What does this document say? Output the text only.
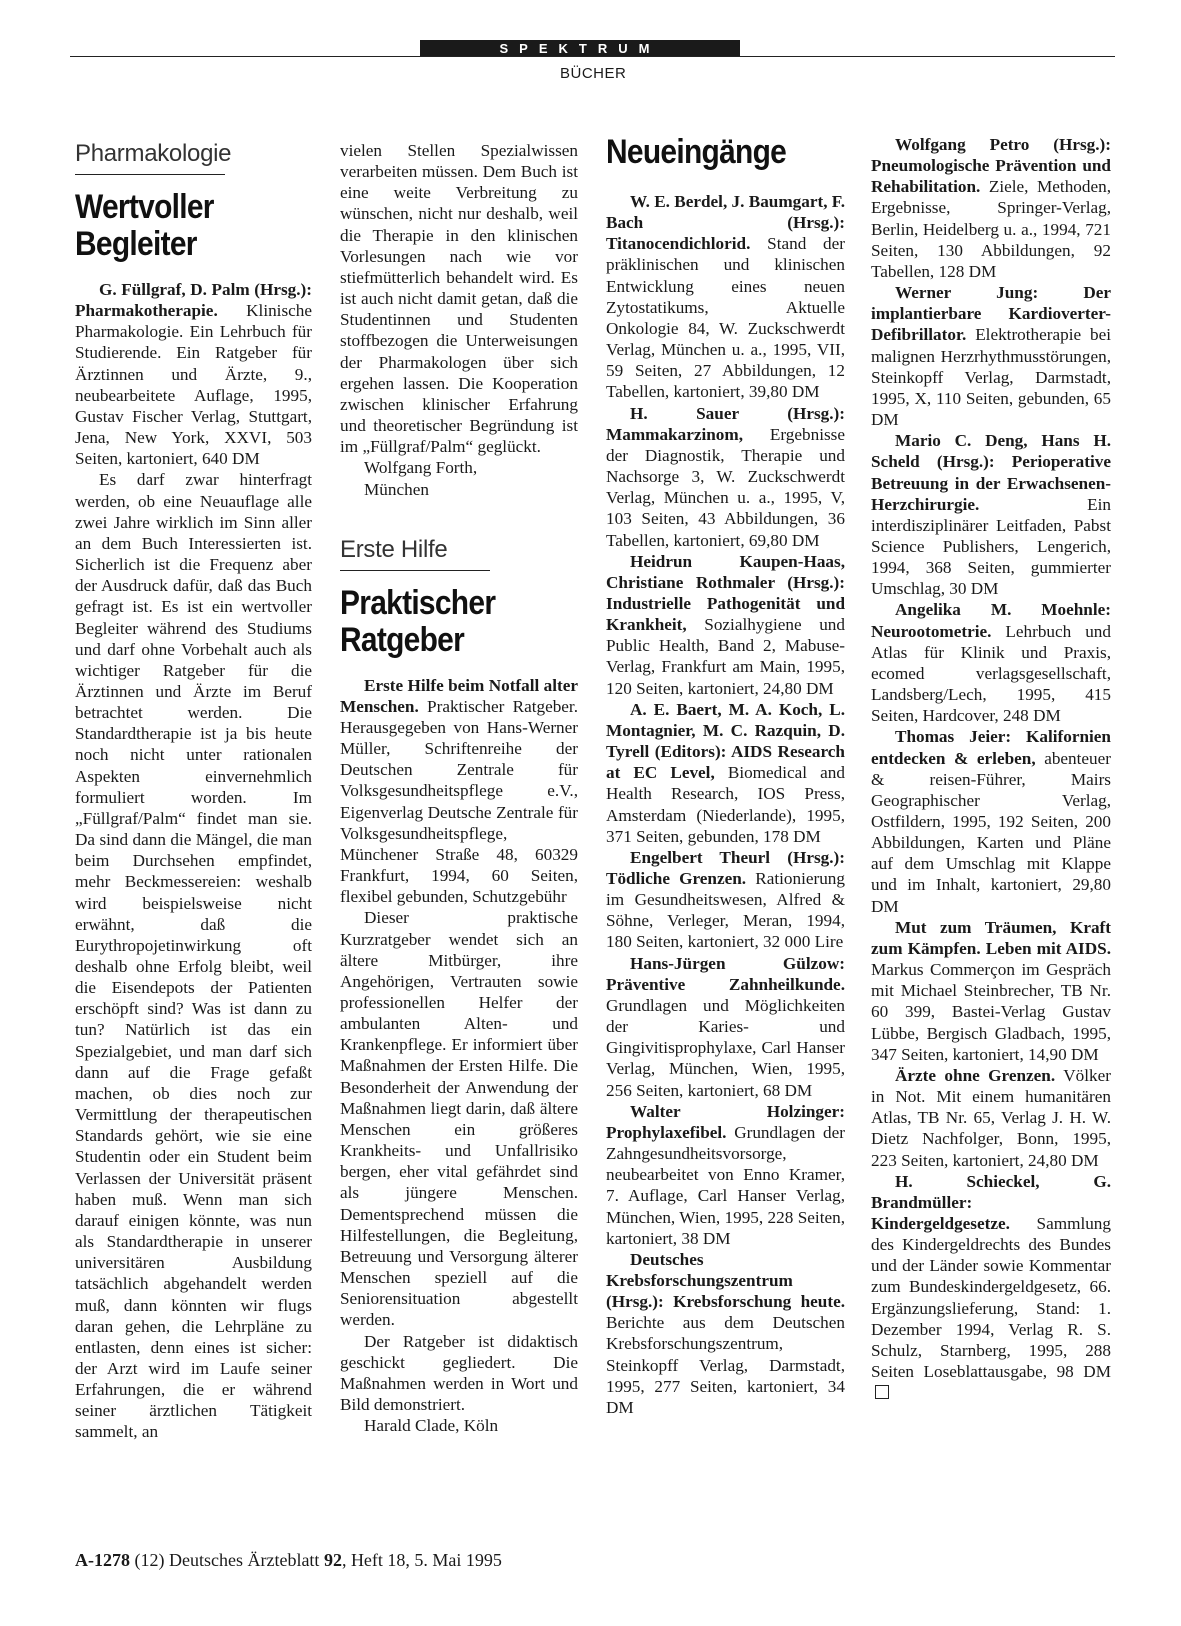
SPEKTRUM
BÜCHER
Pharmakologie
Wertvoller
Begleiter

G. Füllgraf, D. Palm (Hrsg.): Pharmakotherapie. Klinische Pharmakologie. Ein Lehrbuch für Studierende. Ein Ratgeber für Ärztinnen und Ärzte, 9., neubearbeitete Auflage, 1995, Gustav Fischer Verlag, Stuttgart, Jena, New York, XXVI, 503 Seiten, kartoniert, 640 DM

Es darf zwar hinterfragt werden, ob eine Neuauflage alle zwei Jahre wirklich im Sinn aller an dem Buch Interessierten ist. Sicherlich ist die Frequenz aber der Ausdruck dafür, daß das Buch gefragt ist. Es ist ein wertvoller Begleiter während des Studiums und darf ohne Vorbehalt auch als wichtiger Ratgeber für die Ärztinnen und Ärzte im Beruf betrachtet werden. Die Standardtherapie ist ja bis heute noch nicht unter rationalen Aspekten einvernehmlich formuliert worden. Im „Füllgraf/Palm“ findet man sie. Da sind dann die Mängel, die man beim Durchsehen empfindet, mehr Beckmessereien: weshalb wird beispielsweise nicht erwähnt, daß die Eurythropojetinwirkung oft deshalb ohne Erfolg bleibt, weil die Eisendepots der Patienten erschöpft sind? Was ist dann zu tun? Natürlich ist das ein Spezialgebiet, und man darf sich dann auf die Frage gefaßt machen, ob dies noch zur Vermittlung der therapeutischen Standards gehört, wie sie eine Studentin oder ein Student beim Verlassen der Universität präsent haben muß. Wenn man sich darauf einigen könnte, was nun als Standardtherapie in unserer universitären Ausbildung tatsächlich abgehandelt werden muß, dann könnten wir flugs daran gehen, die Lehrpläne zu entlasten, denn eines ist sicher: der Arzt wird im Laufe seiner Erfahrungen, die er während seiner ärztlichen Tätigkeit sammelt, an

vielen Stellen Spezialwissen verarbeiten müssen. Dem Buch ist eine weite Verbreitung zu wünschen, nicht nur deshalb, weil die Therapie in den klinischen Vorlesungen nach wie vor stiefmütterlich behandelt wird. Es ist auch nicht damit getan, daß die Studentinnen und Studenten stoffbezogen die Unterweisungen der Pharmakologen über sich ergehen lassen. Die Kooperation zwischen klinischer Erfahrung und theoretischer Begründung ist im „Füllgraf/Palm“ geglückt.

Wolfgang Forth,

München

Erste Hilfe
Praktischer
Ratgeber

Erste Hilfe beim Notfall alter Menschen. Praktischer Ratgeber. Herausgegeben von Hans-Werner Müller, Schriftenreihe der Deutschen Zentrale für Volksgesundheitspflege e.V., Eigenverlag Deutsche Zentrale für Volksgesundheitspflege, Münchener Straße 48, 60329 Frankfurt, 1994, 60 Seiten, flexibel gebunden, Schutzgebühr

Dieser praktische Kurzratgeber wendet sich an ältere Mitbürger, ihre Angehörigen, Vertrauten sowie professionellen Helfer der ambulanten Alten- und Krankenpflege. Er informiert über Maßnahmen der Ersten Hilfe. Die Besonderheit der Anwendung der Maßnahmen liegt darin, daß ältere Menschen ein größeres Krankheits- und Unfallrisiko bergen, eher vital gefährdet sind als jüngere Menschen. Dementsprechend müssen die Hilfestellungen, die Begleitung, Betreuung und Versorgung älterer Menschen speziell auf die Seniorensituation abgestellt werden.

Der Ratgeber ist didaktisch geschickt gegliedert. Die Maßnahmen werden in Wort und Bild demonstriert.

Harald Clade, Köln

Neueingänge

W. E. Berdel, J. Baumgart, F. Bach (Hrsg.): Titanocendichlorid. Stand der präklinischen und klinischen Entwicklung eines neuen Zytostatikums, Aktuelle Onkologie 84, W. Zuckschwerdt Verlag, München u. a., 1995, VII, 59 Seiten, 27 Abbildungen, 12 Tabellen, kartoniert, 39,80 DM

H. Sauer (Hrsg.): Mammakarzinom, Ergebnisse der Diagnostik, Therapie und Nachsorge 3, W. Zuckschwerdt Verlag, München u. a., 1995, V, 103 Seiten, 43 Abbildungen, 36 Tabellen, kartoniert, 69,80 DM

Heidrun Kaupen-Haas, Christiane Rothmaler (Hrsg.): Industrielle Pathogenität und Krankheit, Sozialhygiene und Public Health, Band 2, Mabuse-Verlag, Frankfurt am Main, 1995, 120 Seiten, kartoniert, 24,80 DM

A. E. Baert, M. A. Koch, L. Montagnier, M. C. Razquin, D. Tyrell (Editors): AIDS Research at EC Level, Biomedical and Health Research, IOS Press, Amsterdam (Niederlande), 1995, 371 Seiten, gebunden, 178 DM

Engelbert Theurl (Hrsg.): Tödliche Grenzen. Rationierung im Gesundheitswesen, Alfred & Söhne, Verleger, Meran, 1994, 180 Seiten, kartoniert, 32 000 Lire

Hans-Jürgen Gülzow: Präventive Zahnheilkunde. Grundlagen und Möglichkeiten der Karies- und Gingivitisprophylaxe, Carl Hanser Verlag, München, Wien, 1995, 256 Seiten, kartoniert, 68 DM

Walter Holzinger: Prophylaxefibel. Grundlagen der Zahngesundheitsvorsorge, neubearbeitet von Enno Kramer, 7. Auflage, Carl Hanser Verlag, München, Wien, 1995, 228 Seiten, kartoniert, 38 DM

Deutsches Krebsforschungszentrum (Hrsg.): Krebsforschung heute. Berichte aus dem Deutschen Krebsforschungszentrum, Steinkopff Verlag, Darmstadt, 1995, 277 Seiten, kartoniert, 34 DM

Wolfgang Petro (Hrsg.): Pneumologische Prävention und Rehabilitation. Ziele, Methoden, Ergebnisse, Springer-Verlag, Berlin, Heidelberg u. a., 1994, 721 Seiten, 130 Abbildungen, 92 Tabellen, 128 DM

Werner Jung: Der implantierbare Kardioverter-Defibrillator. Elektrotherapie bei malignen Herzrhythmusstörungen, Steinkopff Verlag, Darmstadt, 1995, X, 110 Seiten, gebunden, 65 DM

Mario C. Deng, Hans H. Scheld (Hrsg.): Perioperative Betreuung in der Erwachsenen-Herzchirurgie. Ein interdisziplinärer Leitfaden, Pabst Science Publishers, Lengerich, 1994, 368 Seiten, gummierter Umschlag, 30 DM

Angelika M. Moehnle: Neurootometrie. Lehrbuch und Atlas für Klinik und Praxis, ecomed verlagsgesellschaft, Landsberg/Lech, 1995, 415 Seiten, Hardcover, 248 DM

Thomas Jeier: Kalifornien entdecken & erleben, abenteuer & reisen-Führer, Mairs Geographischer Verlag, Ostfildern, 1995, 192 Seiten, 200 Abbildungen, Karten und Pläne auf dem Umschlag mit Klappe und im Inhalt, kartoniert, 29,80 DM

Mut zum Träumen, Kraft zum Kämpfen. Leben mit AIDS. Markus Commerçon im Gespräch mit Michael Steinbrecher, TB Nr. 60 399, Bastei-Verlag Gustav Lübbe, Bergisch Gladbach, 1995, 347 Seiten, kartoniert, 14,90 DM

Ärzte ohne Grenzen. Völker in Not. Mit einem humanitären Atlas, TB Nr. 65, Verlag J. H. W. Dietz Nachfolger, Bonn, 1995, 223 Seiten, kartoniert, 24,80 DM

H. Schieckel, G. Brandmüller: Kindergeldgesetze. Sammlung des Kindergeldrechts des Bundes und der Länder sowie Kommentar zum Bundeskindergeldgesetz, 66. Ergänzungslieferung, Stand: 1. Dezember 1994, Verlag R. S. Schulz, Starnberg, 1995, 288 Seiten Loseblattausgabe, 98 DM

A-1278 (12) Deutsches Ärzteblatt 92, Heft 18, 5. Mai 1995
